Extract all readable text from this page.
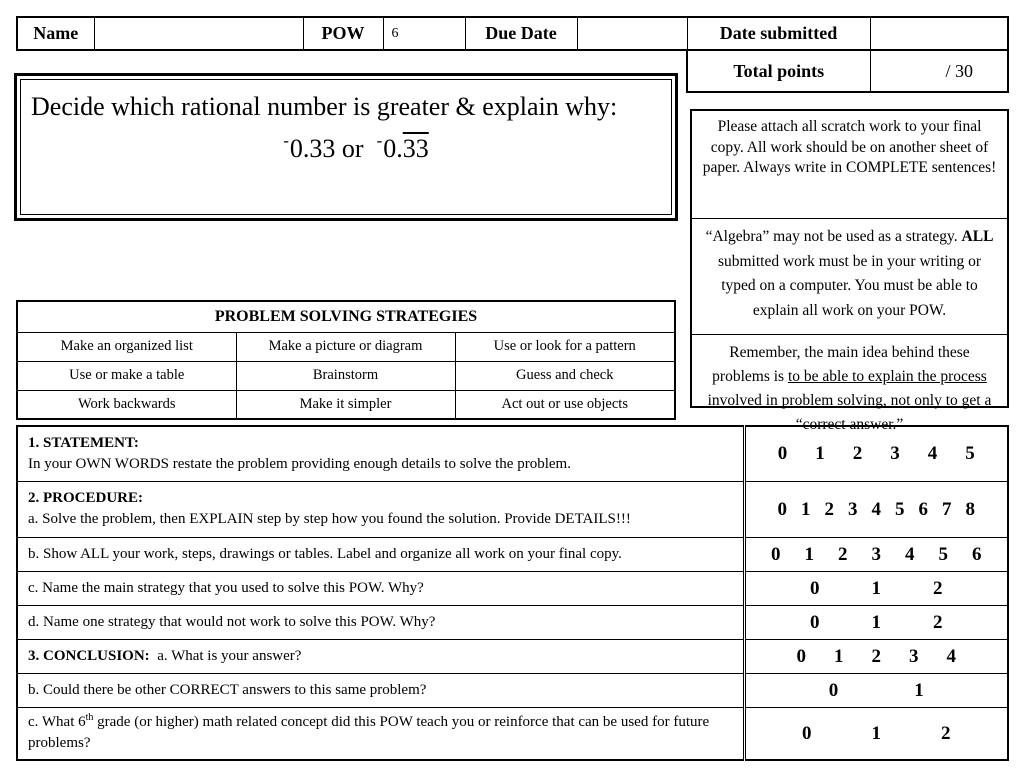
Name		POW	6	Due Date		Date submitted	
Total points	/ 30
Decide which rational number is greater & explain why:
-0.33 or -0.33
Please attach all scratch work to your final copy. All work should be on another sheet of paper. Always write in COMPLETE sentences!
“Algebra” may not be used as a strategy. ALL submitted work must be in your writing or typed on a computer. You must be able to explain all work on your POW.
Remember, the main idea behind these problems is to be able to explain the process involved in problem solving, not only to get a “correct answer.”
PROBLEM SOLVING STRATEGIES		
Make an organized list	Make a picture or diagram	Use or look for a pattern
Use or make a table	Brainstorm	Guess and check
Work backwards	Make it simpler	Act out or use objects
1. STATEMENT:
In your OWN WORDS restate the problem providing enough details to solve the problem.	0 1 2 3 4 5

2. PROCEDURE:
a. Solve the problem, then EXPLAIN step by step how you found the solution. Provide DETAILS!!!	0 1 2 3 4 5 6 7 8
b. Show ALL your work, steps, drawings or tables. Label and organize all work on your final copy.	0 1 2 3 4 5 6
c. Name the main strategy that you used to solve this POW. Why?	0 1 2
d. Name one strategy that would not work to solve this POW. Why?	0 1 2
3. CONCLUSION: a. What is your answer?	0 1 2 3 4
b. Could there be other CORRECT answers to this same problem?	0 1
c. What 6th grade (or higher) math related concept did this POW teach you or reinforce that can be used for future problems?	0 1 2
